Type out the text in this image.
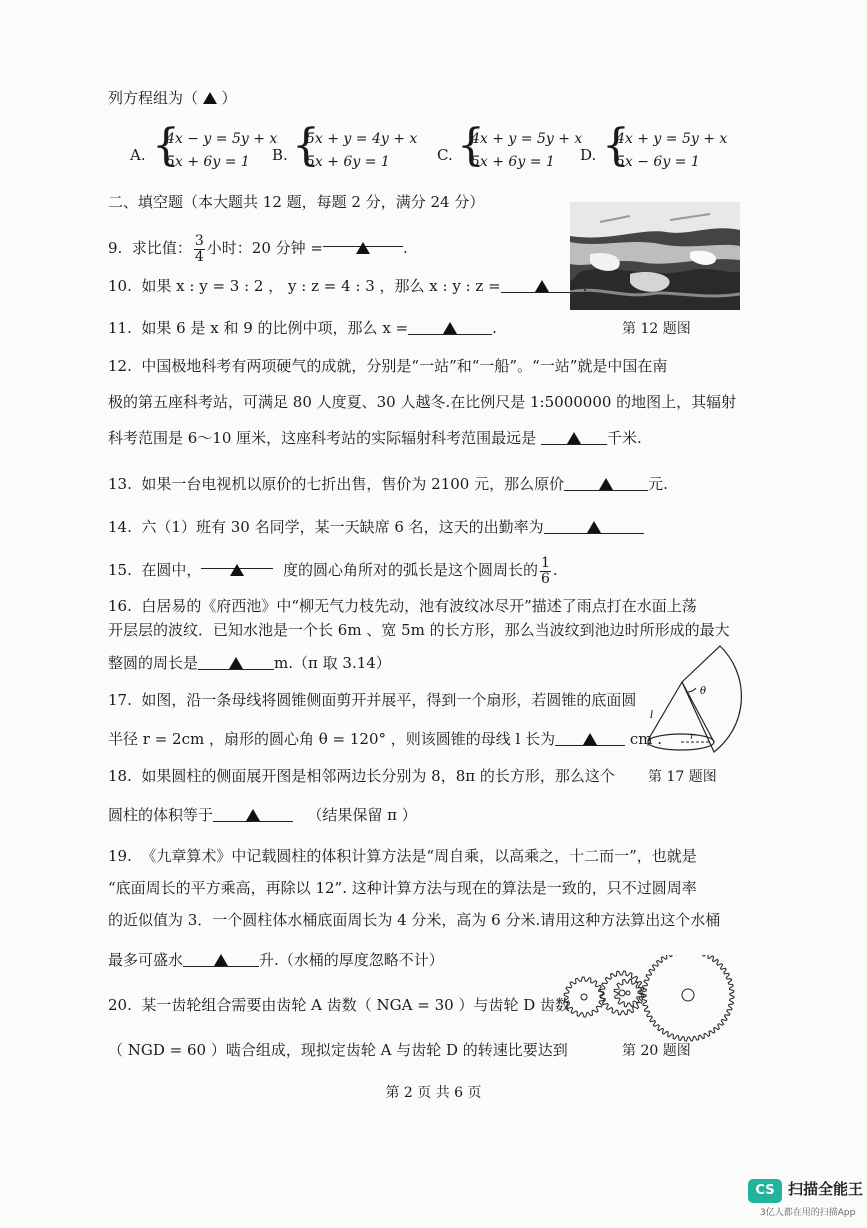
列方程组为（  ）
A. {
4x − y = 5y + x
5x + 6y = 1 B. {
5x + y = 4y + x
5x + 6y = 1	C. {
4x + y = 5y + x
5x + 6y = 1 D. {
4x + y = 5y + x
5x − 6y = 1
二、填空题（本大题共 12 题，每题 2 分，满分 24 分）
第 12 题图
9. 求比值： $\frac{3}{4}$ 小时：20 分钟 =	.
10. 如果 x : y = 3 : 2 ， y : z = 4 : 3 ，那么 x : y : z =	.
11. 如果 6 是 x 和 9 的比例中项，那么 x =	.
12. 中国极地科考有两项硬气的成就，分别是“一站”和“一船”。“一站”就是中国在南
极的第五座科考站，可满足 80 人度夏、30 人越冬.在比例尺是 1:5000000 的地图上，其辐射
科考范围是 6～10 厘米，这座科考站的实际辐射科考范围最远是	千米.
13. 如果一台电视机以原价的七折出售，售价为 2100 元，那么原价	元.
14. 六（1）班有 30 名同学，某一天缺席 6 名，这天的出勤率为
15. 在圆中，	度的圆心角所对的弧长是这个圆周长的 $\frac{1}{6}$ .
16. 白居易的《府西池》中“柳无气力枝先动，池有波纹冰尽开”描述了雨点打在水面上荡
开层层的波纹．已知水池是一个长 6m 、宽 5m 的长方形，那么当波纹到池边时所形成的最大
整圆的周长是	m.（π 取 3.14）
θ
l
r
17. 如图，沿一条母线将圆锥侧面剪开并展平，得到一个扇形，若圆锥的底面圆
半径 r = 2cm ，扇形的圆心角 θ = 120° ，则该圆锥的母线 l 长为	cm .
第 17 题图
18. 如果圆柱的侧面展开图是相邻两边长分别为 8，8π 的长方形，那么这个
圆柱的体积等于	（结果保留 π ）
19. 《九章算术》中记载圆柱的体积计算方法是“周自乘，以高乘之，十二而一”，也就是
“底面周长的平方乘高，再除以 12”. 这种计算方法与现在的算法是一致的，只不过圆周率
的近似值为 3．一个圆柱体水桶底面周长为 4 分米，高为 6 分米.请用这种方法算出这个水桶
最多可盛水	升.（水桶的厚度忽略不计）
第 20 题图
20. 某一齿轮组合需要由齿轮 A 齿数（ NGA = 30 ）与齿轮 D 齿数
（ NGD = 60 ）啮合组成，现拟定齿轮 A 与齿轮 D 的转速比要达到
第 2 页 共 6 页
CS 扫描全能王
3亿人都在用的扫描App
